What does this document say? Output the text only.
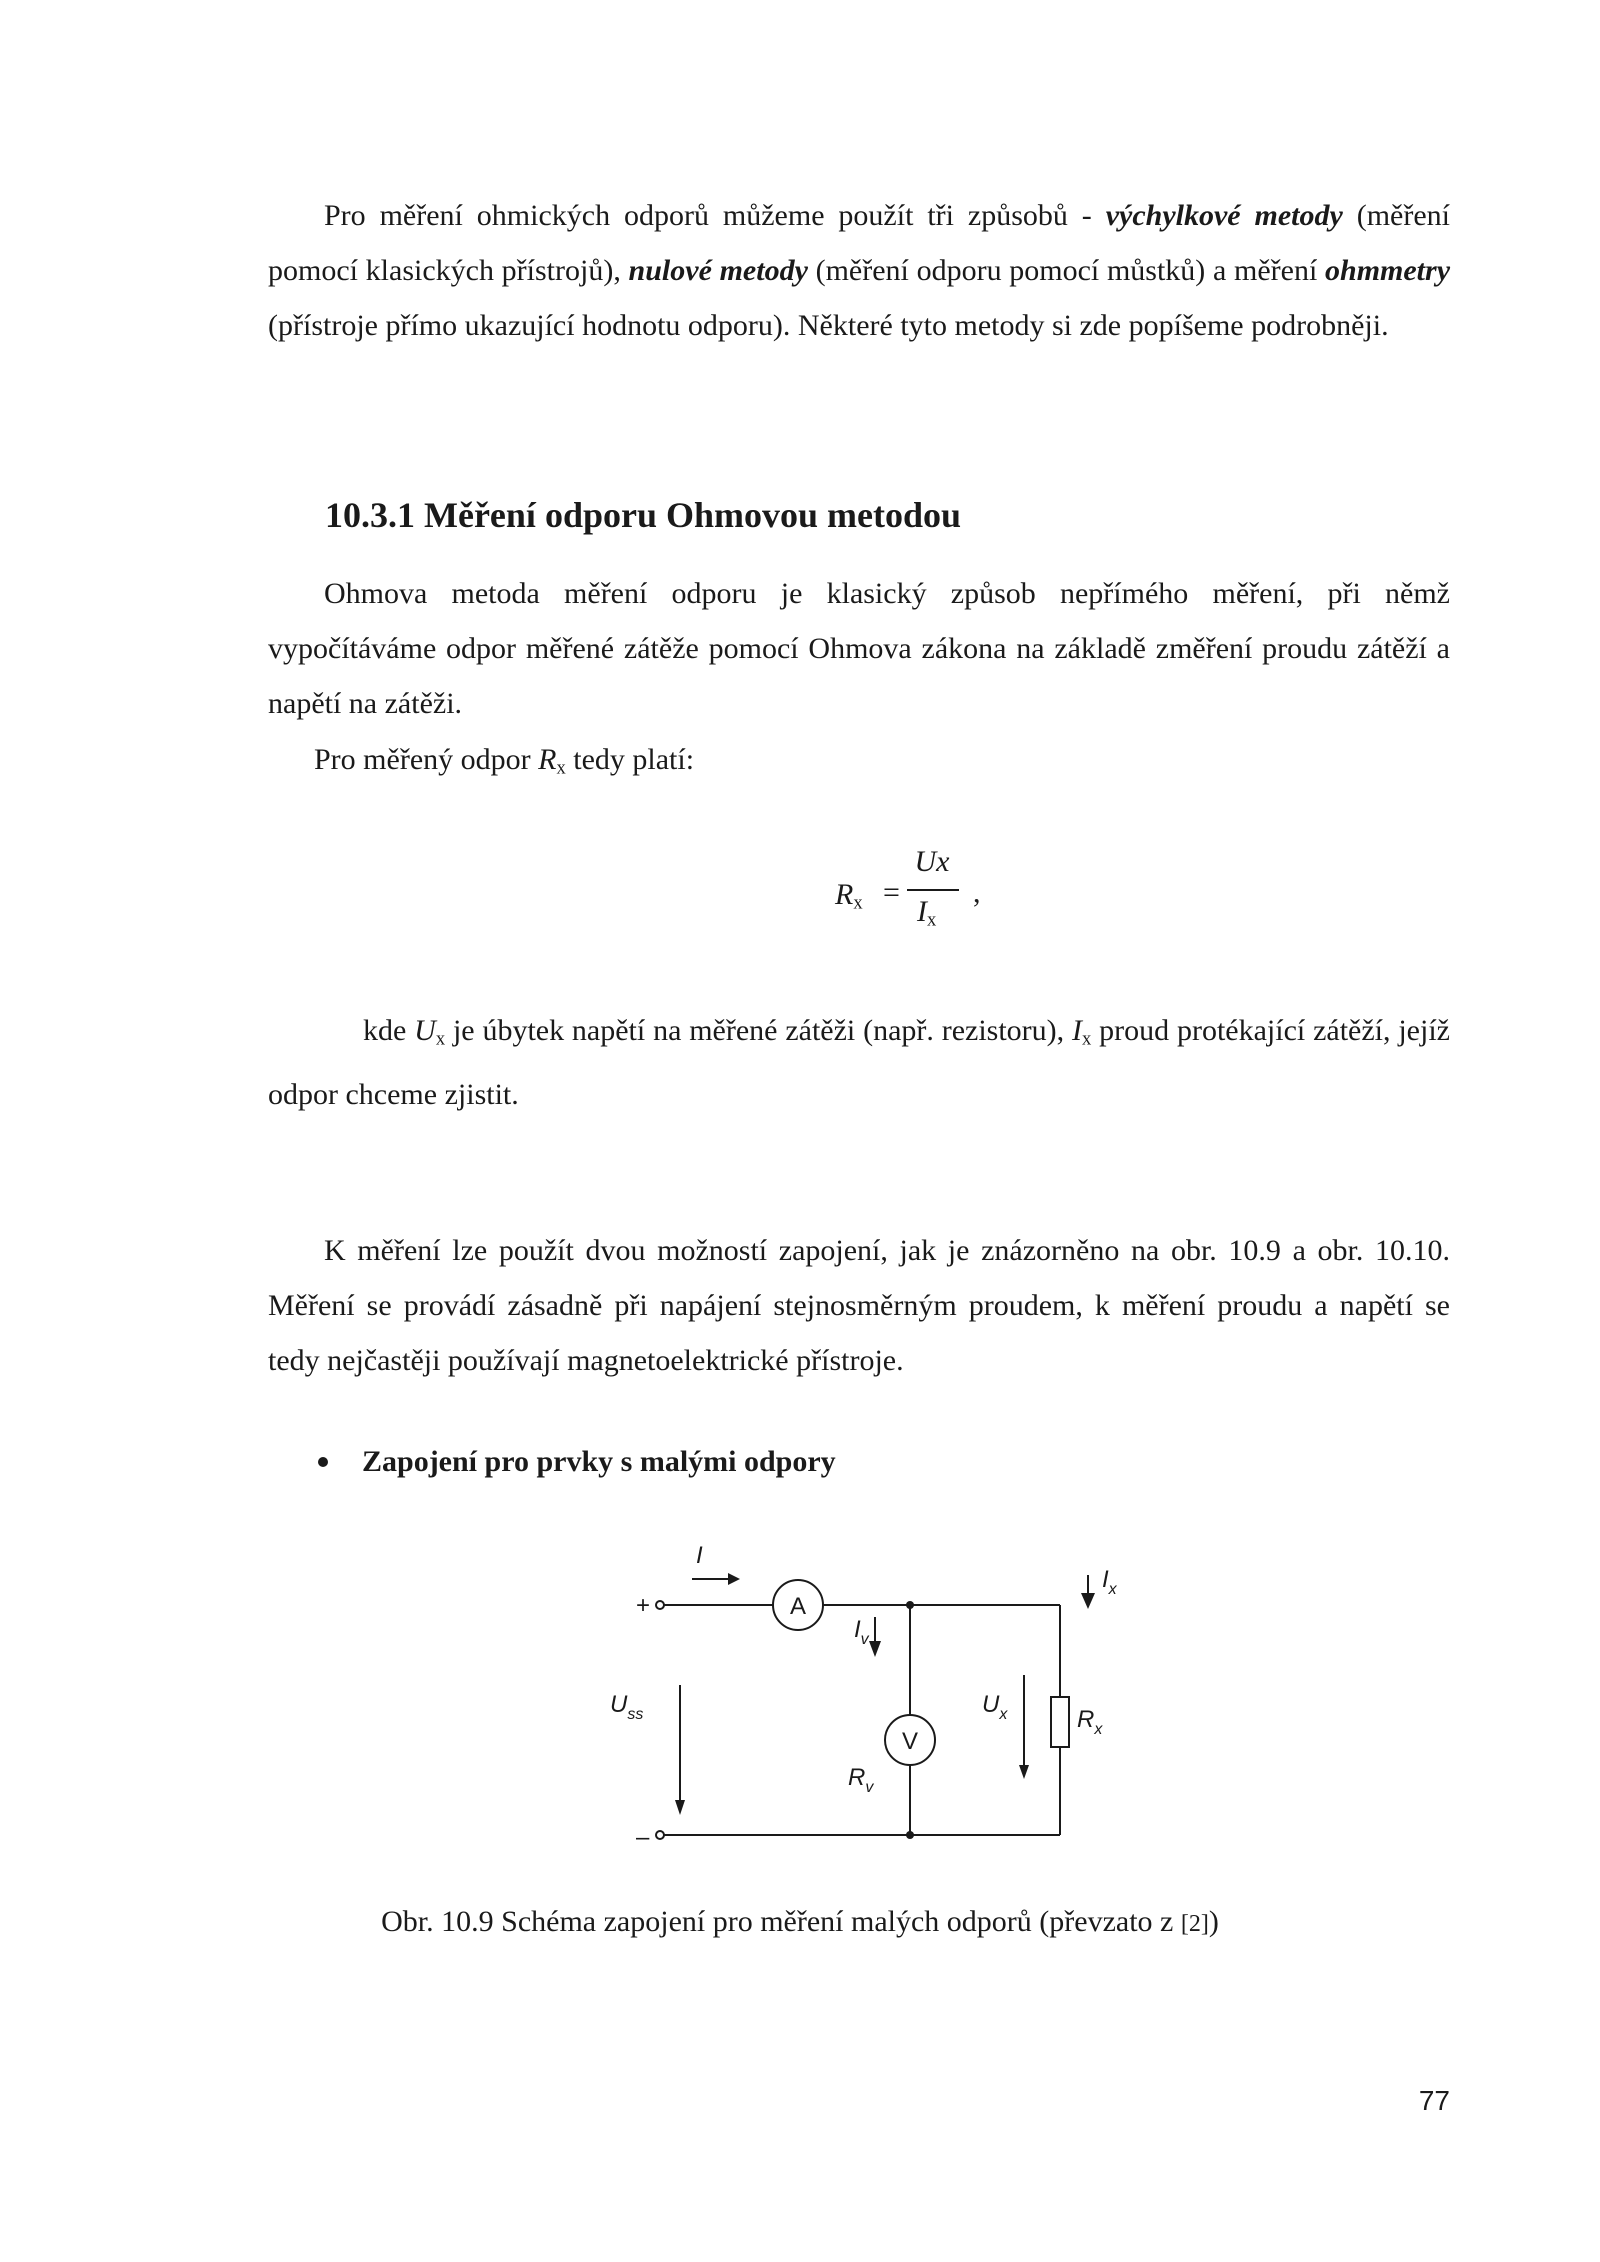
Pro měření ohmických odporů můžeme použít tři způsobů - výchylkové metody (měření pomocí klasických přístrojů), nulové metody (měření odporu pomocí můstků) a měření ohmmetry (přístroje přímo ukazující hodnotu odporu). Některé tyto metody si zde popíšeme podrobněji.

10.3.1 Měření odporu Ohmovou metodou

Ohmova metoda měření odporu je klasický způsob nepřímého měření, při němž vypočítáváme odpor měřené zátěže pomocí Ohmova zákona na základě změření proudu zátěží a napětí na zátěži.

Pro měřený odpor $R_x$ tedy platí:

$R_x$ =
Ux
$I_x$
,

kde $U_x$ je úbytek napětí na měřené zátěži (např. rezistoru), $I_x$ proud protékající zátěží, jejíž odpor chceme zjistit.

K měření lze použít dvou možností zapojení, jak je znázorněno na obr. 10.9 a obr. 10.10. Měření se provádí zásadně při napájení stejnosměrným proudem, k měření proudu a napětí se tedy nejčastěji používají magnetoelektrické přístroje.

Zapojení pro prvky s malými odpory
I
+
–
A
V
$I_v$
$I_x$
$U_{ss}$
$R_v$
$U_x$	$R_x$
Obr. 10.9 Schéma zapojení pro měření malých odporů (převzato z [2])
77
